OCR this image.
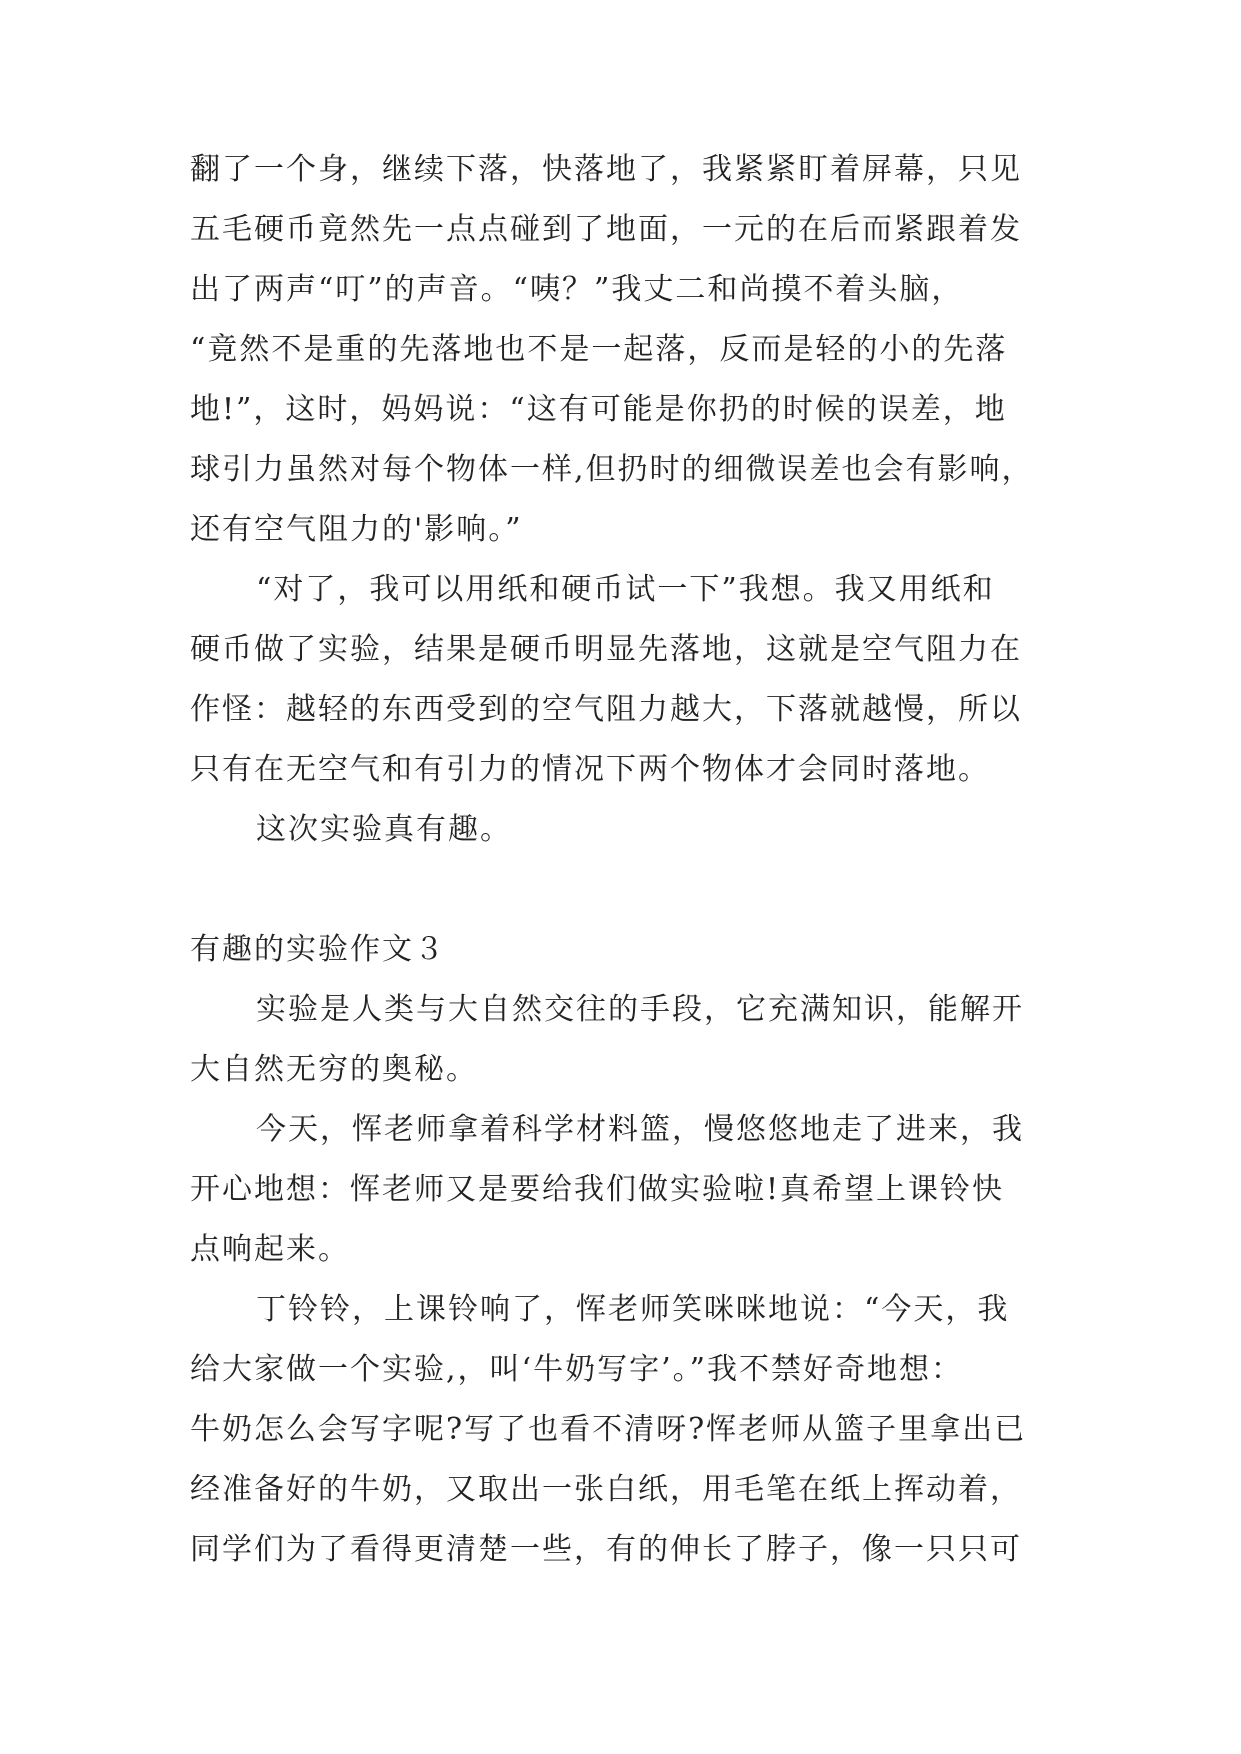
翻了一个身，继续下落，快落地了，我紧紧盯着屏幕，只见
五毛硬币竟然先一点点碰到了地面，一元的在后而紧跟着发
出了两声“叮”的声音。“咦？”我丈二和尚摸不着头脑，
“竟然不是重的先落地也不是一起落，反而是轻的小的先落
地!”，这时，妈妈说：“这有可能是你扔的时候的误差，地
球引力虽然对每个物体一样,但扔时的细微误差也会有影响，
还有空气阻力的'影响。”
“对了，我可以用纸和硬币试一下”我想。我又用纸和
硬币做了实验，结果是硬币明显先落地，这就是空气阻力在
作怪：越轻的东西受到的空气阻力越大，下落就越慢，所以
只有在无空气和有引力的情况下两个物体才会同时落地。
这次实验真有趣。
有趣的实验作文３
实验是人类与大自然交往的手段，它充满知识，能解开
大自然无穷的奥秘。
今天，恽老师拿着科学材料篮，慢悠悠地走了进来，我
开心地想：恽老师又是要给我们做实验啦!真希望上课铃快
点响起来。
丁铃铃，上课铃响了，恽老师笑咪咪地说：“今天，我
给大家做一个实验,，叫‘牛奶写字’。”我不禁好奇地想：
牛奶怎么会写字呢?写了也看不清呀?恽老师从篮子里拿出已
经准备好的牛奶，又取出一张白纸，用毛笔在纸上挥动着，
同学们为了看得更清楚一些，有的伸长了脖子，像一只只可
